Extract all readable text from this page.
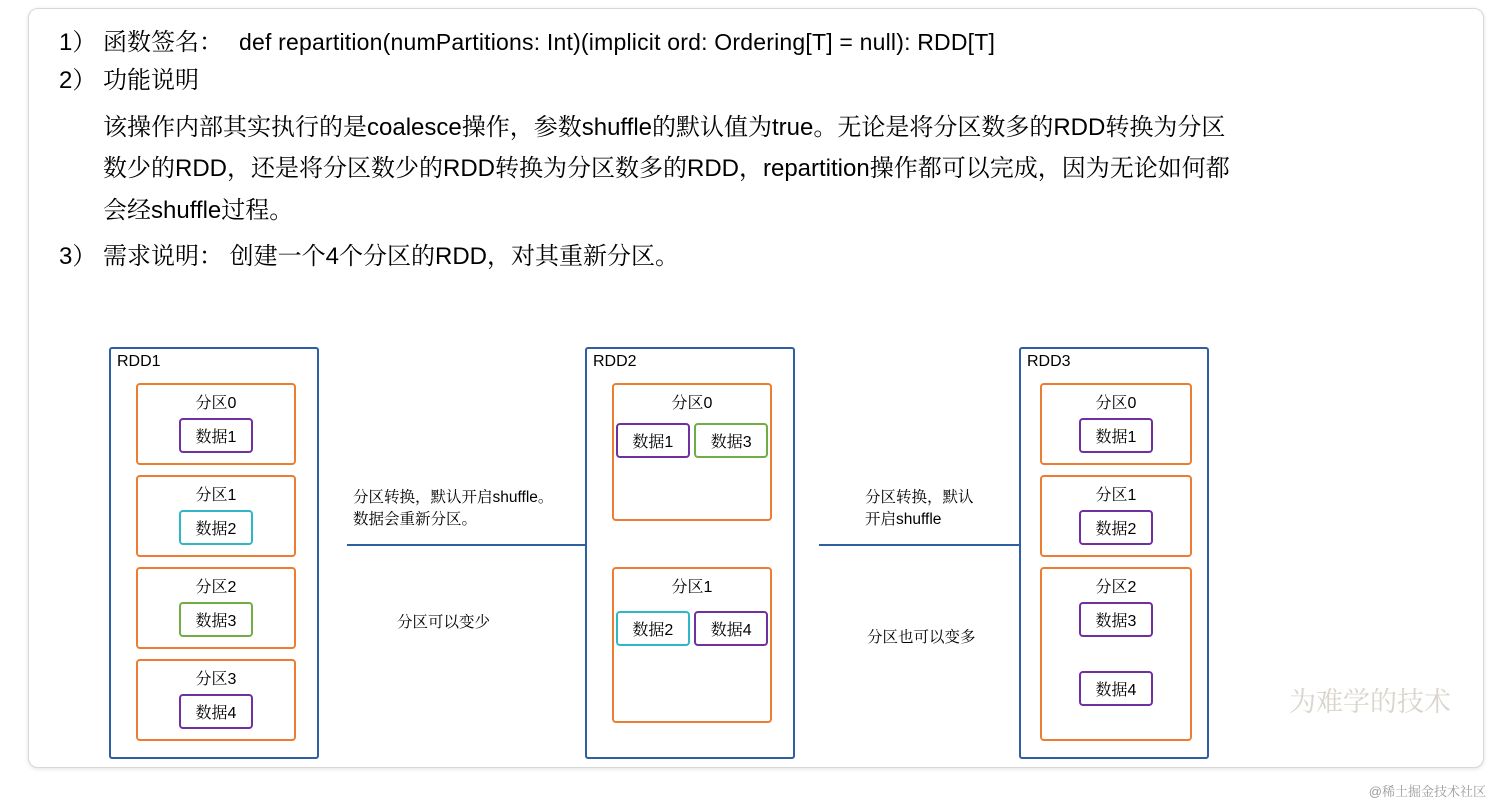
1） 函数签名： def repartition(numPartitions: Int)(implicit ord: Ordering[T] = null): RDD[T]
2） 功能说明
该操作内部其实执行的是coalesce操作，参数shuffle的默认值为true。无论是将分区数多的RDD转换为分区
数少的RDD，还是将分区数少的RDD转换为分区数多的RDD，repartition操作都可以完成，因为无论如何都
会经shuffle过程。
3） 需求说明： 创建一个4个分区的RDD，对其重新分区。
RDD1
分区0
数据1
分区1
数据2
分区2
数据3
分区3
数据4
分区转换，默认开启shuffle。
数据会重新分区。
分区可以变少
RDD2
分区0
数据1 数据3
分区1
数据2 数据4
分区转换，默认
开启shuffle
分区也可以变多
RDD3
分区0
数据1
分区1
数据2
分区2
数据3 数据4	为难学的技术
@稀土掘金技术社区
